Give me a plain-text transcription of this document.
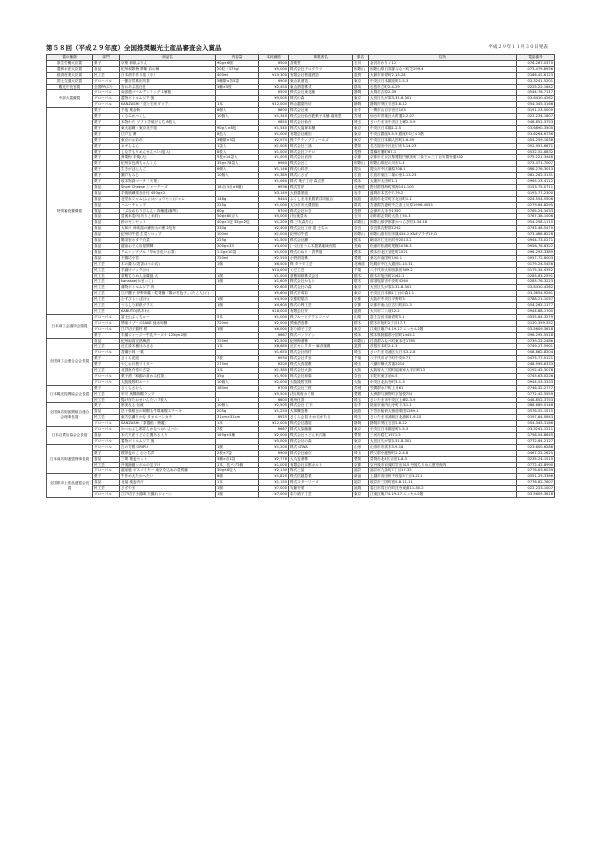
第５８回（平成２９年度）全国推奨観光土産品審査会入賞品	平成２９年１１月３０日発表
賞の種類	部門	商品名	内容量	本体価格	事業者名	県名	住所	電話番号
厚生労働大臣賞	菓子	京菓 和紙ぷりん	90g×6個	¥500	香菓堂	石川	金沢市わりぐ12	076-287-0370
農林水産大臣賞	食品	紀州和歌梅 夢紫 彩の舞	20粒（375g）	¥5,000	株式会社プロダクツ	和歌山	和歌山県日高郡みなべ町芝299-4	073-479-8936
経済産業大臣賞	民工芸	日本酒手作り塩（小）	400ml	¥10,300	有限会社桜盛酒造	滋賀	大館市泉帯町2-15-28	0186-42-6123
国土交通大臣賞	グローバル	一節自然系田坊茶	5種類×各5袋	¥900	東山泉酒造	東京	中央区日本橋室町1-5-3	03-3241-5201
観光庁長官賞	全国PRぶり	杏おあぶ話仕仕	3種×5枚	¥2,450	東山酒造株式	群馬	石巻市立町2-4-29	0225-22-1842
中部大賞観賞	グローバル	南部鶏ゴールデンミッグ 1個箱		¥500	株式会社東北藤	静岡	大岡市吉原2-39	0544-76-7117
	グローバル	蓋物ボトルムジア 後		¥5,000	株式の森	東京	大田区久が原3-31-8-301	03-6410-4262
	グローバル	KANZASHI「花と石布ダリア」	1本	¥12,000	株山越屋所坊	静岡	静岡市葵区石田3-8-12	054-345-3166
特別審査費優賞	菓子	千塩 菓金斬	8個入	¥800	株式会社東	岩手	一関市山目字田日103	0191-23-5009
	菓子	くるみかべくし	10個入	¥1,340	株式会社仙台藍菓子本舗 堀楽堂	宮城	仙台市青葉区大町通2-2-07	022-234-1807
	菓子	本物わた ソフト手焼げらち 8枚入		¥850	株式会社仙台	埼玉	さいたま市中央区上峰2-3-9	048-852-3753
	菓子	東大福練・東京北斤塩	90g入×8包	¥1,540	株式大福神本舗	東京	中央区日本橋1-2-5	03-6890-3500
	菓子	江戸五 薫	8色入	¥1,000	有限会社蔵田	東京	中央区銀座5-5-9 銀座F.Sビル1階	03-6264-6736
	菓子	東京のお彩れ	3種類×3袋	¥2,970	株アクティブフィールズ	東京	中央区日本橋人形町1-6-49	054-259-1638
	菓子	ネギらぶら	1袋入	¥1,000	株式会社三浦	愛知	名古屋市中区北川市3-14-23	052-951-6671
	菓子	しなすもりめんせんべい(塩入)	8枚入	¥1,000	株式会社フチロ	長野	豊橋市運町67-1	0532-52-8832
	菓子	黄粟粉 手焼(大)	5枚×14袋入	¥1,000	株式会社岩西	京都	京都市左京区聖護院円頓美町二条下ル三丁目安置寺通332	075-221-3446
	菓子	紀州奈良漬ちゃんくん	35g×78袋入	¥960	株式会社こ	和歌山	和歌山県紀の川市1-4	073-471-7007
	菓子	生きがばにんご	6個入	¥1,148	株式山料亭	岡山	岡山市中区藤原708-1	086-276-3013
	菓子	瀬戸もみじ	10個入	¥1,389	株式にさざ	広島	広島市東区二葉の里1-13-23	082-262-3131
	菓子	坂本物資マーチ「天菓」		¥1,060	株式 菓子工房 森点堂	熊本	大連市太田町1-1	0965-23-4112
	食品	Short Cheese シャーテーズ	18点(3点×6個)	¥936	株式宮岸	北海道	野付郡別海町別海141-100	0153-75-0711
	食品	手焼柚練楽赤汁付 450g×2		¥3,149	大府農業組	岩手	盛岡市本宮中7-79-2	0193-77-2300
	食品	北栄氷ジャム(ふにはショウセン)ジャム	146g	¥444	ふくしま未来農業共同組合	福島	福島市北栄町字北谷町1-1	024-554-5506
	食品	ハニーチャップ	225g	¥1,000	大分市市大農管組	群馬	吾妻郡吾妻町中之条上川原1996-4053	0279-84-8295
	食品	「ぶなめもりびらん」四種盛(藤等)	60g	¥700	株式会社かき	長野	会津市大末寺1350	0765-24-3433
	食品	豊後米豊肉(坊りこ米料)	50g×80点入	¥5,000	(有)後豊米	石川	羽咋郡志賀町大鳥上50-3	0767-38-1006
	食品	鈴のゼンセット	40g×1包 35g×2包	¥1,200	株 三丸森片山	和歌山	和歌山県伊都郡かつらぎ町3-34-18	054-258-1115
	食品	大和片 神楽湯の鐘田山の薫 2包有	330g	¥2,400	株式会社工房 恵 土ちゃ	奈良	奈良県吉野郡1242	0745-48-5470
	食品	紀州切牛壺 生菜シロップ	100ml	¥1,000	紀州切牛壺	和歌山	和歌山県有田市篠434-2 K&Eプラザ1F-D	073-488-8228
	食品	鶴羽岩ホタテ白菜	225g	¥1,500	株式会社瀬	熊本	網羽市仁比出町寺2013-1	0944-73-0271
	食品	越前おでん岩屋開陣	200g×33	¥3,000	(一社)まうら木農業地域有限	長崎	松浦市松浦町尾幌1036-3	0956-76-8322
	食品	テムシンプブル「早めき色いお茶」	1.5g×10袋	¥1,000	株式のぬり・香季屋	熊本	熊本市北区須佐町1021	096-293-3389
	食品	天陽坊小宮	720ml	¥2,550	小野酒造株	愛媛	桑名市南国町100-1	0957-72-8003
	民工芸	木の籠入(香香はうの店)	1個	¥6,500	株 タナダ工芸	北海道	札幌市中区大通西1-10-31	0179-24-5456
	民工芸	手縫けバック(か)		¥10,000	くだ工芸	千葉	八千代市大和田新田369-2	0175-34-4352
	民工芸	倉敷ちりめん金籠風 大	1個	¥1,000	倉敷和紙株式会社	栃木	栃木市塩田町2162-1	0285-83-2591
	民工芸	kanasoe(かまっこ)	1個	¥1,600	株式会社かもと	栃木	那須塩原市中央町4264	0285-76-3223
	民工芸	蒲物ボトルムジア 肉		¥2,600	株式会社の森	東京	大田区久が原3-31-8-301	03-6410-4262
	民工芸	江戸櫃子 伊勢印籠・蛇背鐘「陽の冬色子」(たこ入(ぐ)		¥5,600	株式手塚彩	東京	中央区日本橋1丁目の森1-1	03-3654-9261
	民工芸	むすびトンぱ(小)	1個	¥3,500	京都紺屋店	京都	大阪市中央区平野町3	0788-21-1037
	民工芸	うるしり和紙グラス	1個	¥4,600	株式の利工芸	京都	京都市東山区古川町前1-3	054-265-1177
	民工芸	KABUTO(紙あわ)		¥18,000	有限会社安	滋賀	大川市二八坂12-2	0944-88-1700
日本商工会議所会頭賞	グローバル	富士山ぶくちゃー	5本	¥1,000	株フルーツグラスコハマ	山梨	富士吉田市新倉町5-1	0555-84-3279
	グローバル	関東コブーズSAKE 純米吟醸	720ml	¥2,000	関東酒造株	栃木	栃木市宿町2丁目17-7	0120-359-352
	グローバル	江戸切子猫杯 桜	1個	¥6,000	彩り硝子工芸	東京	江東区亀戸4-19-17 ニッセル2階	03-5609-3618
	菓子	手織ジャージー牛乳チーズケ 125g×2個		¥667	株式パンワイン	熊本	熊本県阿蘇郡小国町1445-1	096-295-5518
全国商工会連合会会長賞	食品	紀州南高完熟梅酒	720ml	¥2,500	紀州梅酒株	和歌山	日高郡みなべ町東本庄1765	0739-22-2486
	民工芸	近江漆木桶ほみさる	1本	¥8,685	近江セレクター 麻彦孫親	滋賀	彦根市本町2-1-3	0749-27-5901
	グローバル	香織小林 一葉		¥1,650	株式会社西村	埼玉	さいたま市浦区大日本3-2-8	048-882-8204
	菓子	さくら花庭	7枚	¥930	株式会社すま	千葉	八千代市ガラ町中央9-77	0475-77-0121
	菓子	やしお月桜ワイダー	275ml	¥200	株式大鳥屋敷	埼玉	八潮市横大宮番2014	048-995-6333
	民工芸	北国魚介堂の古袋	1本	¥1,380	株式会社大漁	大阪	大阪府大三国町堀東家大半田町13	0192-42-3076
	グローバル	菓子酒「和錦の倉わみ柱茶」	35g	¥1,900	株式会社和葉	奈良	宇陀市東字治4-5	0745-63-0226
	グローバル	大阪後桜町ルーシ	10個入	¥2,000	大阪後桜雪株	大阪	中央区北浜寺町3-1-3	0944-53-3333
日本観光振興協会会長賞	菓子	さくらさむら	180ml	¥700	株式会社三桜	茨城	笠間郡水戸町上月61	0746-32-2777
	民工芸	甲川 奥樽紙糊ランプ		¥5,500	(有)奥府カミ紙	愛媛	大洲郡与謝野町字加悦751	0772-42-5559
	民工芸	揚げ彦たおせいんたい 7枚入	1	¥600	奥州仕香	埼玉	さいたま市中央区上峰2-3-9	048-852-3753
全国商店街振興組合連合会理事長賞	菓子	都美なる 伝統	10個入	¥2,500	株式会社 仁木	岩手	陸前市東内山寺町下本1-1	088-689-0148
	食品	岳十県稚豆の和帽も牛環地幌ステーキ	205g	¥1,250	大塚醸造株	福島	下宮市稲荷大街道乗国1269-1	0576-52-1515
	民工芸	東方弘瀬りかな タオルハンカチ	31cm×31cm	¥925	さくら会員 わか衣がたる	埼玉	さいたま市浦和区北浦和1-9-10	0197-64-0843
	グローバル	KANZASHI「茶器組・簡籠」	1本	¥12,000	株式会社越屋	静岡	静岡市葵区石田3-8-12	054-345-3166
日本百貨店協会会長賞	グローバル	かつおぶし都井んかなつはいんべい	7枚	¥667	株式人参藤藤	東京	中央区日本橋室町1-5-3	03-3241-1211
	食品	米穴天産うどん生簀ある入り	165g×5種	¥2,000	株式会社うどん米穴藤	愛知	三河市昭仁1971-5	0798-54-8645
	グローバル	蓋物ボトルムジア 後		¥5,000	株式会社の森	東京	大田区久が原3-31-8-301	0772-64-2127
日本商店街連盟理事長賞	グローバル	白の方酢 ORIPU	1個	¥1,200	株式 IZWA	山形	山形市市高木3-9-18	023-600-6288
	菓子	喫茶麦のこ むと名声	2枚×7袋	¥900	株式会社麻次	埼玉	秩父郡小鹿野町1-2-4-8	0467-22-2625
	食品	三菓 菓麦セット	3種×各1袋	¥2,778	大丸麦酒株	愛知	豊岡市北4区吉田1-8-3	0235-24-1519
	民工芸	丹後縮緬シボルの宝子け	1本、長パブ2個	¥1,000	有限会社京都カルト	京都	京丹後市岩滝町宮出315 丹後ちりめん歴史館内	0772-42-8990
	グローバル	越前鹿 ポスソイヤー 東京を込めの豊質藤	30g×8包入	¥2,130	株式三冨	福井	福井市九条町7丁目17-35	0776-63-6039
全国都市土産品連盟会長賞	菓子	牛作め大たかへたい	8個	¥1,820	株式信越豊業	新潟	上越市高田町千枚原3丁目3-211	0551-25-3366
	食品	北福 焼麦肉片	1本	¥1,150	株式スターワーズ	福井	坂井市三国町宿5-8-11-11	0776-82-7607
	民工芸	さざやま	1個	¥7,000	安藤寺業	福岡	春日市春日白町沈寺東番11-30-2	022-233-1007
	グローバル	江戸切子小湯鳴 天織れジャパン	1個	¥7,000	彩り硝子工芸	東京	江東区亀戸4-19-17 ニッセル2階	03-5609-3618
